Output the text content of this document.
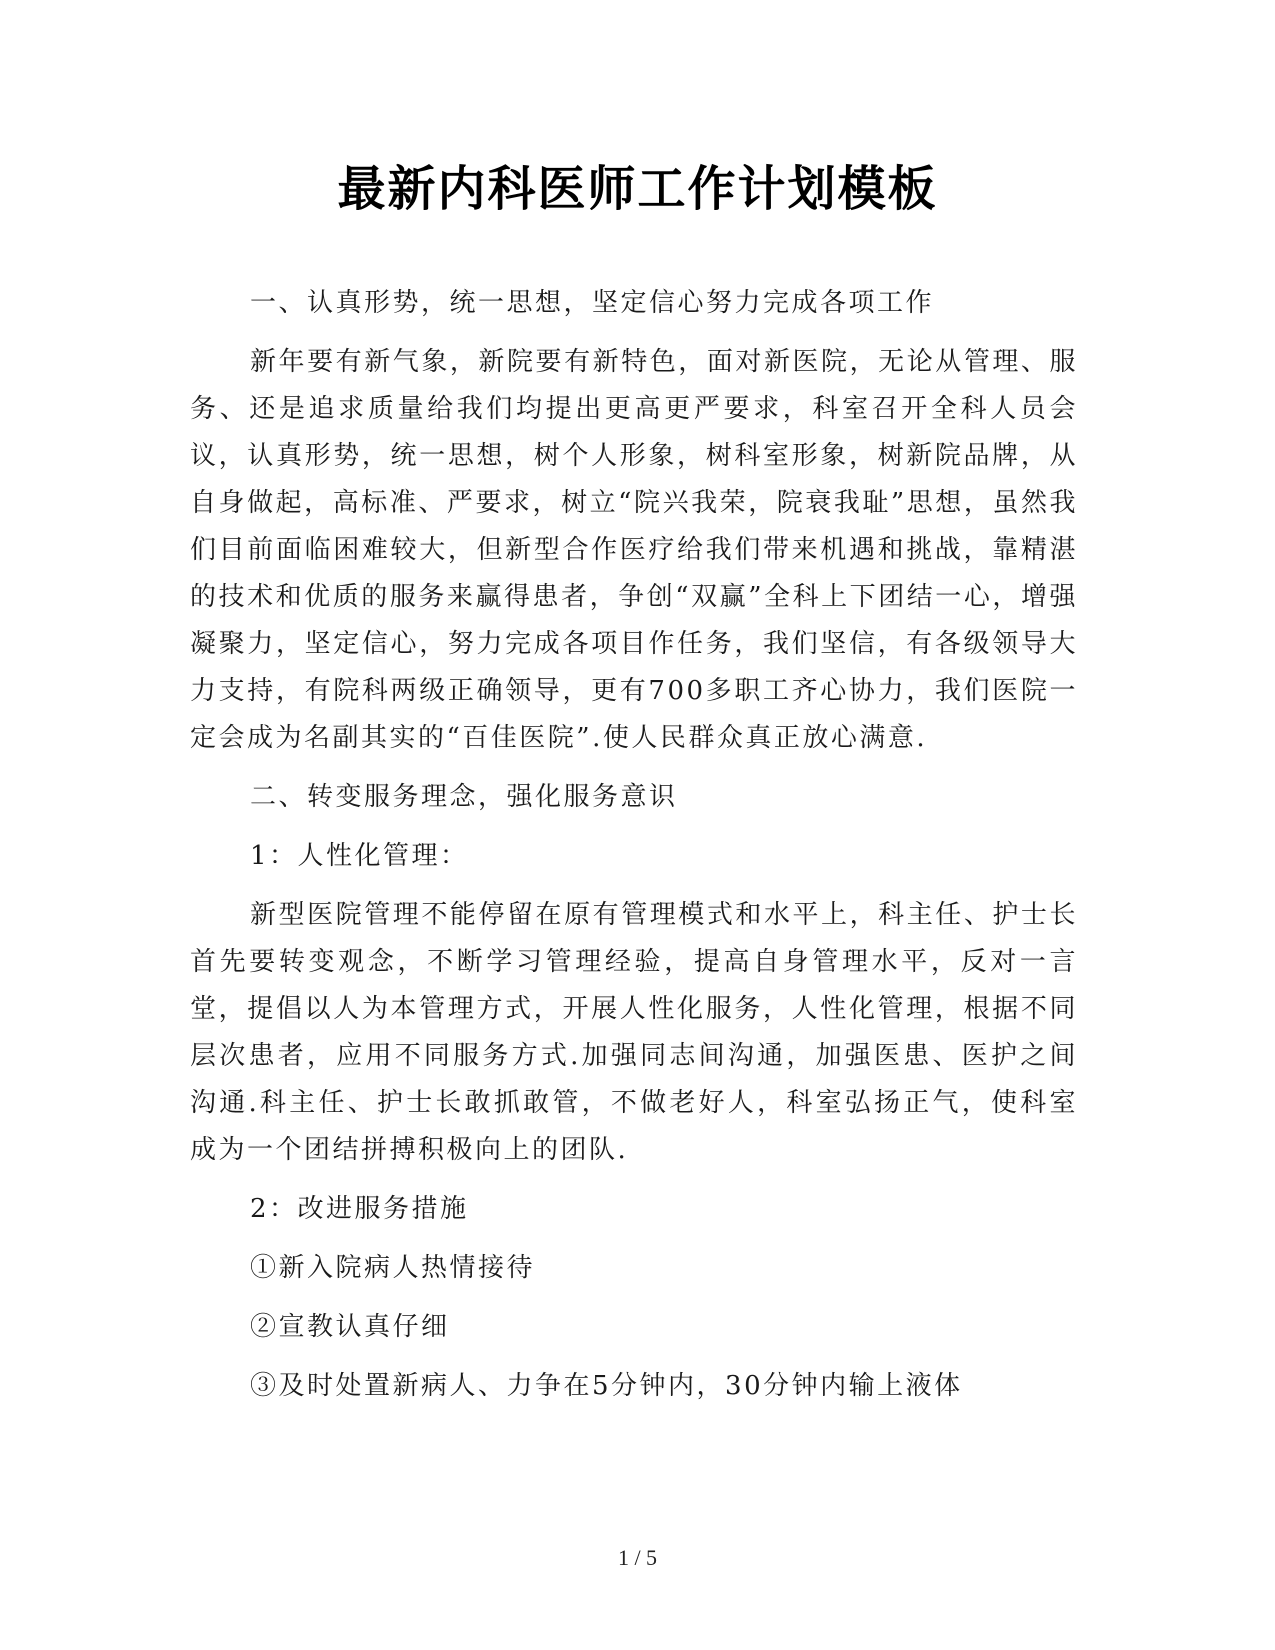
最新内科医师工作计划模板

一、认真形势，统一思想，坚定信心努力完成各项工作

新年要有新气象，新院要有新特色，面对新医院，无论从管理、服务、还是追求质量给我们均提出更高更严要求，科室召开全科人员会议，认真形势，统一思想，树个人形象，树科室形象，树新院品牌，从自身做起，高标准、严要求，树立“院兴我荣，院衰我耻”思想，虽然我们目前面临困难较大，但新型合作医疗给我们带来机遇和挑战，靠精湛的技术和优质的服务来赢得患者，争创“双赢”全科上下团结一心，增强凝聚力，坚定信心，努力完成各项目作任务，我们坚信，有各级领导大力支持，有院科两级正确领导，更有700多职工齐心协力，我们医院一定会成为名副其实的“百佳医院”.使人民群众真正放心满意.

二、转变服务理念，强化服务意识

1：人性化管理：

新型医院管理不能停留在原有管理模式和水平上，科主任、护士长首先要转变观念，不断学习管理经验，提高自身管理水平，反对一言堂，提倡以人为本管理方式，开展人性化服务，人性化管理，根据不同层次患者，应用不同服务方式.加强同志间沟通，加强医患、医护之间沟通.科主任、护士长敢抓敢管，不做老好人，科室弘扬正气，使科室成为一个团结拼搏积极向上的团队.

2：改进服务措施

①新入院病人热情接待

②宣教认真仔细

③及时处置新病人、力争在5分钟内，30分钟内输上液体

1 / 5
